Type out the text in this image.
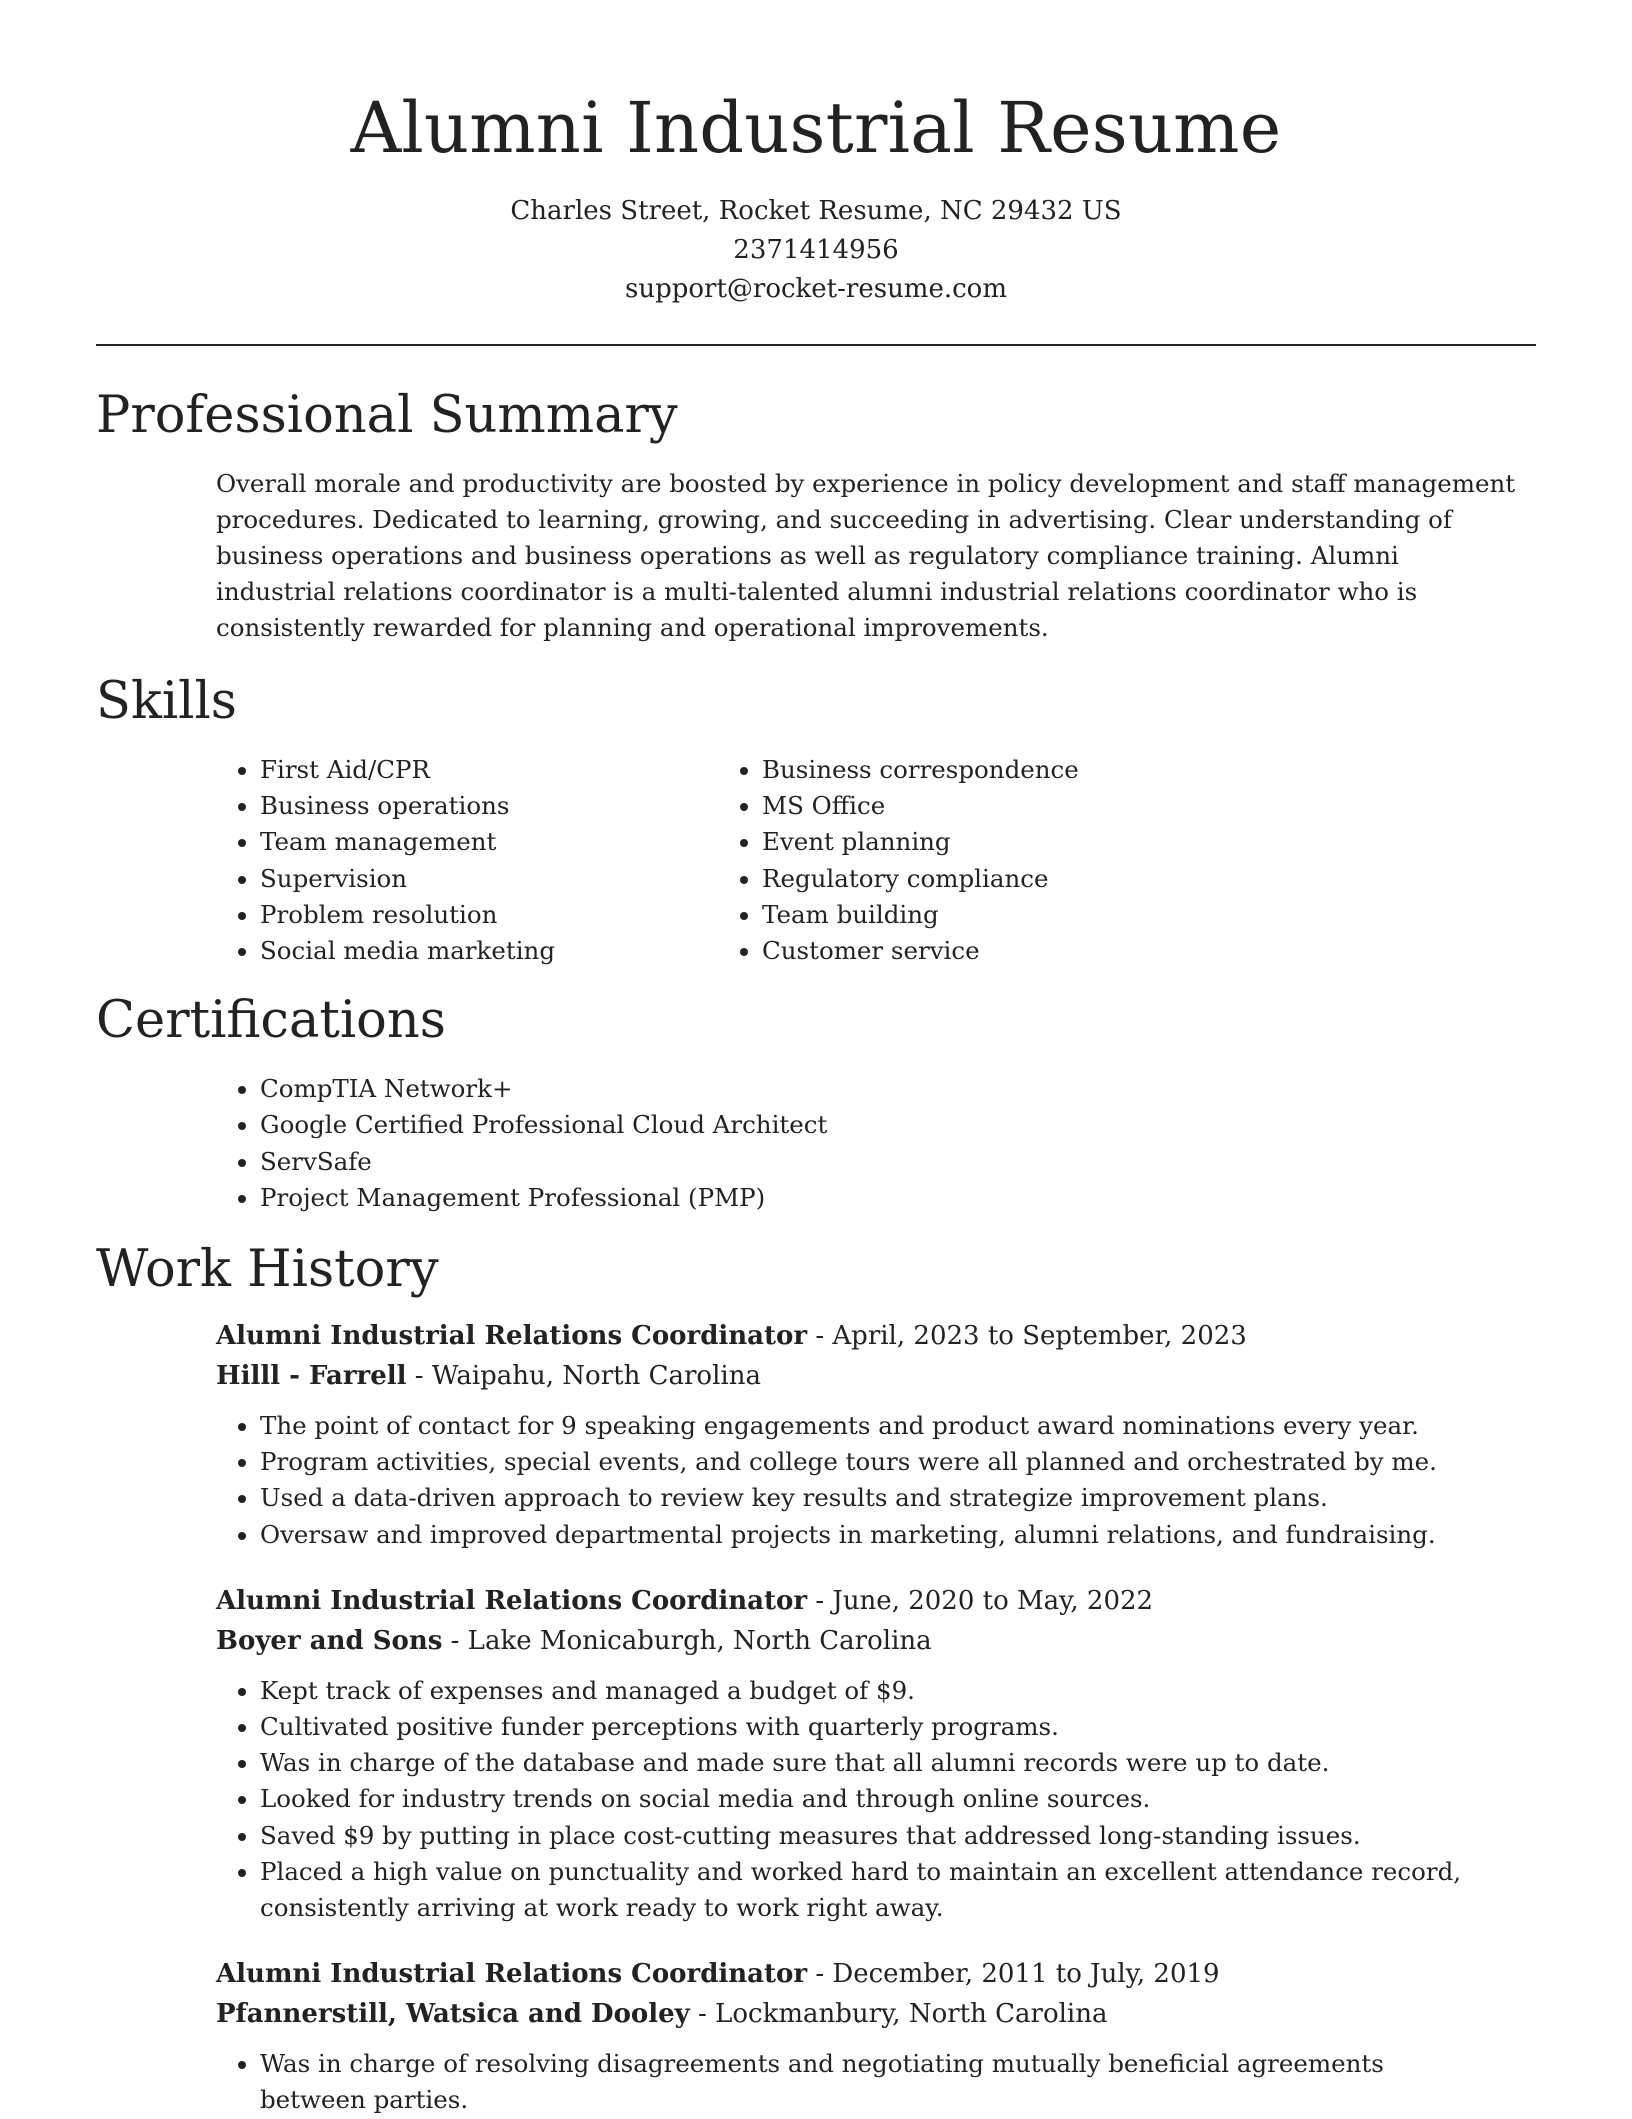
Alumni Industrial Resume
Charles Street, Rocket Resume, NC 29432 US
2371414956
support@rocket-resume.com
Professional Summary

Overall morale and productivity are boosted by experience in policy development and staff management procedures. Dedicated to learning, growing, and succeeding in advertising. Clear understanding of business operations and business operations as well as regulatory compliance training. Alumni industrial relations coordinator is a multi-talented alumni industrial relations coordinator who is consistently rewarded for planning and operational improvements.

Skills
• First Aid/CPR
• Business operations
• Team management
• Supervision
• Problem resolution
• Social media marketing
• Business correspondence
• MS Office
• Event planning
• Regulatory compliance
• Team building
• Customer service
Certifications
• CompTIA Network+
• Google Certified Professional Cloud Architect
• ServSafe
• Project Management Professional (PMP)
Work History
Alumni Industrial Relations Coordinator - April, 2023 to September, 2023
Hilll - Farrell - Waipahu, North Carolina
• The point of contact for 9 speaking engagements and product award nominations every year.
• Program activities, special events, and college tours were all planned and orchestrated by me.
• Used a data-driven approach to review key results and strategize improvement plans.
• Oversaw and improved departmental projects in marketing, alumni relations, and fundraising.
Alumni Industrial Relations Coordinator - June, 2020 to May, 2022
Boyer and Sons - Lake Monicaburgh, North Carolina
• Kept track of expenses and managed a budget of $9.
• Cultivated positive funder perceptions with quarterly programs.
• Was in charge of the database and made sure that all alumni records were up to date.
• Looked for industry trends on social media and through online sources.
• Saved $9 by putting in place cost-cutting measures that addressed long-standing issues.
• Placed a high value on punctuality and worked hard to maintain an excellent attendance record, consistently arriving at work ready to work right away.
Alumni Industrial Relations Coordinator - December, 2011 to July, 2019
Pfannerstill, Watsica and Dooley - Lockmanbury, North Carolina
• Was in charge of resolving disagreements and negotiating mutually beneficial agreements between parties.
